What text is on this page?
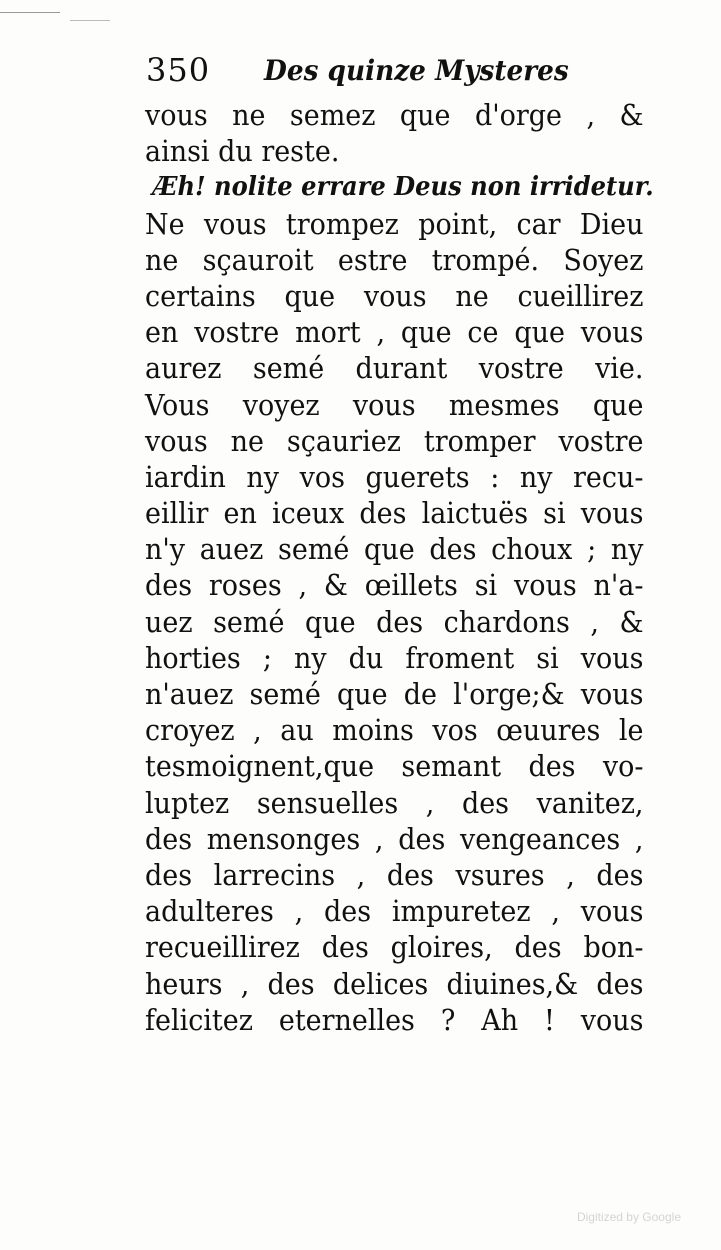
350 Des quinze Mysteres
vous ne semez que d'orge , &
ainsi du reste.
Æh! nolite errare Deus non irridetur.
Ne vous trompez point, car Dieu
ne sçauroit estre trompé. Soyez
certains que vous ne cueillirez
en vostre mort , que ce que vous
aurez semé durant vostre vie.
Vous voyez vous mesmes que
vous ne sçauriez tromper vostre
iardin ny vos guerets : ny recu-
eillir en iceux des laictuës si vous
n'y auez semé que des choux ; ny
des roses , & œillets si vous n'a-
uez semé que des chardons , &
horties ; ny du froment si vous
n'auez semé que de l'orge;& vous
croyez , au moins vos œuures le
tesmoignent,que semant des vo-
luptez sensuelles , des vanitez,
des mensonges , des vengeances ,
des larrecins , des vsures , des
adulteres , des impuretez , vous
recueillirez des gloires, des bon-
heurs , des delices diuines,& des
felicitez eternelles ? Ah ! vous
Digitized by Google
